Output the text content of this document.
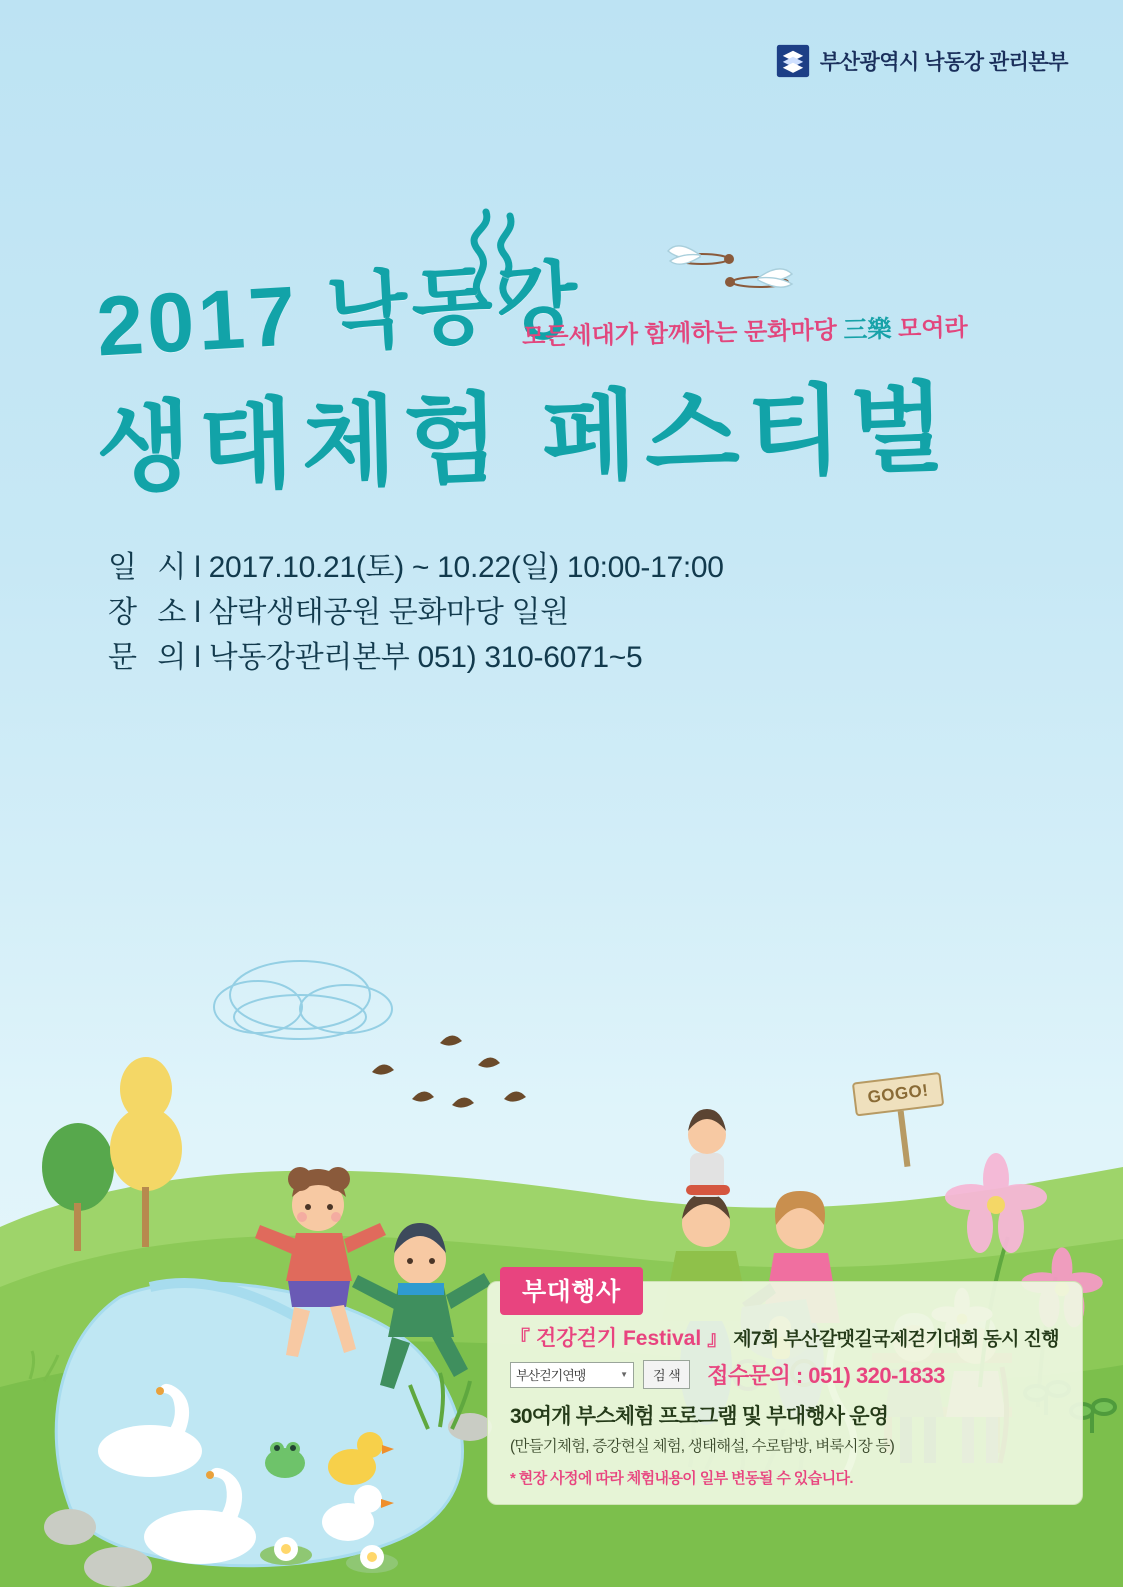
부산광역시 낙동강 관리본부
2017 낙동강
생태체험 페스티벌
모든세대가 함께하는 문화마당 三樂 모여라
일 시l 2017.10.21(토) ~ 10.22(일) 10:00-17:00
장 소l 삼락생태공원 문화마당 일원
문 의l 낙동강관리본부 051) 310-6071~5
GOGO!
『 건강걷기 Festival 』 제7회 부산갈맷길국제걷기대회 동시 진행
부산걷기연맹	▼	검 색	접수문의 : 051) 320-1833
30여개 부스체험 프로그램 및 부대행사 운영
(만들기체험, 증강현실 체험, 생태해설, 수로탐방, 벼룩시장 등)
* 현장 사정에 따라 체험내용이 일부 변동될 수 있습니다.
부대행사
